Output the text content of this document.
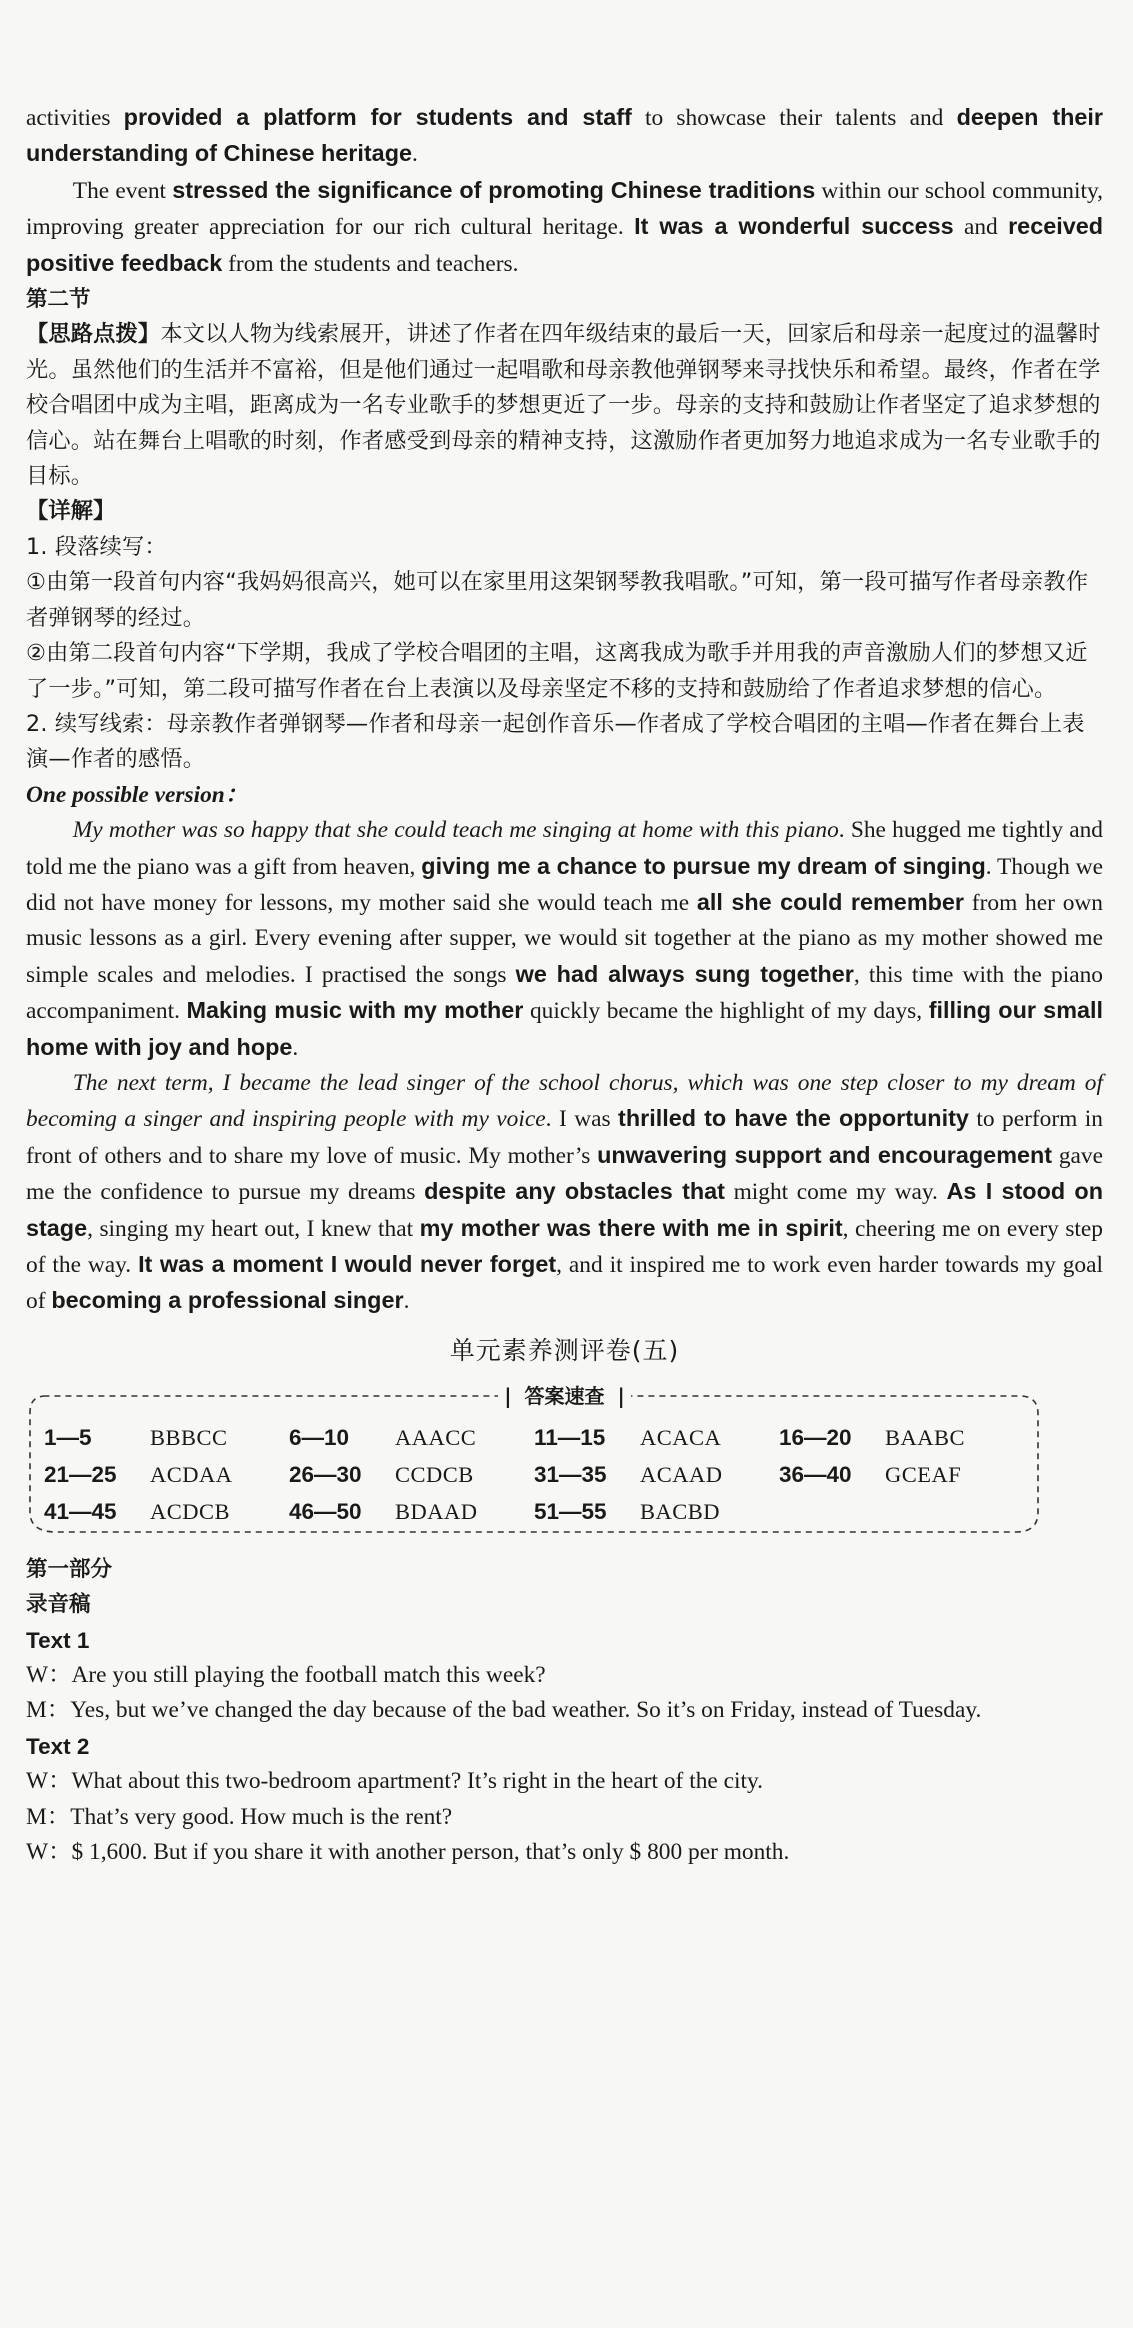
activities provided a platform for students and staff to showcase their talents and deepen their understanding of Chinese heritage.

The event stressed the significance of promoting Chinese traditions within our school community, improving greater appreciation for our rich cultural heritage. It was a wonderful success and received positive feedback from the students and teachers.

第二节

【思路点拨】本文以人物为线索展开，讲述了作者在四年级结束的最后一天，回家后和母亲一起度过的温馨时光。虽然他们的生活并不富裕，但是他们通过一起唱歌和母亲教他弹钢琴来寻找快乐和希望。最终，作者在学校合唱团中成为主唱，距离成为一名专业歌手的梦想更近了一步。母亲的支持和鼓励让作者坚定了追求梦想的信心。站在舞台上唱歌的时刻，作者感受到母亲的精神支持，这激励作者更加努力地追求成为一名专业歌手的目标。

【详解】

1. 段落续写：

①由第一段首句内容“我妈妈很高兴，她可以在家里用这架钢琴教我唱歌。”可知，第一段可描写作者母亲教作者弹钢琴的经过。

②由第二段首句内容“下学期，我成了学校合唱团的主唱，这离我成为歌手并用我的声音激励人们的梦想又近了一步。”可知，第二段可描写作者在台上表演以及母亲坚定不移的支持和鼓励给了作者追求梦想的信心。

2. 续写线索：母亲教作者弹钢琴—作者和母亲一起创作音乐—作者成了学校合唱团的主唱—作者在舞台上表演—作者的感悟。

One possible version：

My mother was so happy that she could teach me singing at home with this piano. She hugged me tightly and told me the piano was a gift from heaven, giving me a chance to pursue my dream of singing. Though we did not have money for lessons, my mother said she would teach me all she could remember from her own music lessons as a girl. Every evening after supper, we would sit together at the piano as my mother showed me simple scales and melodies. I practised the songs we had always sung together, this time with the piano accompaniment. Making music with my mother quickly became the highlight of my days, filling our small home with joy and hope.

The next term, I became the lead singer of the school chorus, which was one step closer to my dream of becoming a singer and inspiring people with my voice. I was thrilled to have the opportunity to perform in front of others and to share my love of music. My mother’s unwavering support and encouragement gave me the confidence to pursue my dreams despite any obstacles that might come my way. As I stood on stage, singing my heart out, I knew that my mother was there with me in spirit, cheering me on every step of the way. It was a moment I would never forget, and it inspired me to work even harder towards my goal of becoming a professional singer.

单元素养测评卷(五)
| 答案速查 |
1—5	BBBCC	6—10	AAACC	11—15	ACACA	16—20	BAABC
21—25	ACDAA	26—30	CCDCB	31—35	ACAAD	36—40	GCEAF
41—45	ACDCB	46—50	BDAAD	51—55	BACBD

第一部分

录音稿

Text 1

W：Are you still playing the football match this week?

M：Yes, but we’ve changed the day because of the bad weather. So it’s on Friday, instead of Tuesday.

Text 2

W：What about this two-bedroom apartment? It’s right in the heart of the city.

M：That’s very good. How much is the rent?

W：$ 1,600. But if you share it with another person, that’s only $ 800 per month.
